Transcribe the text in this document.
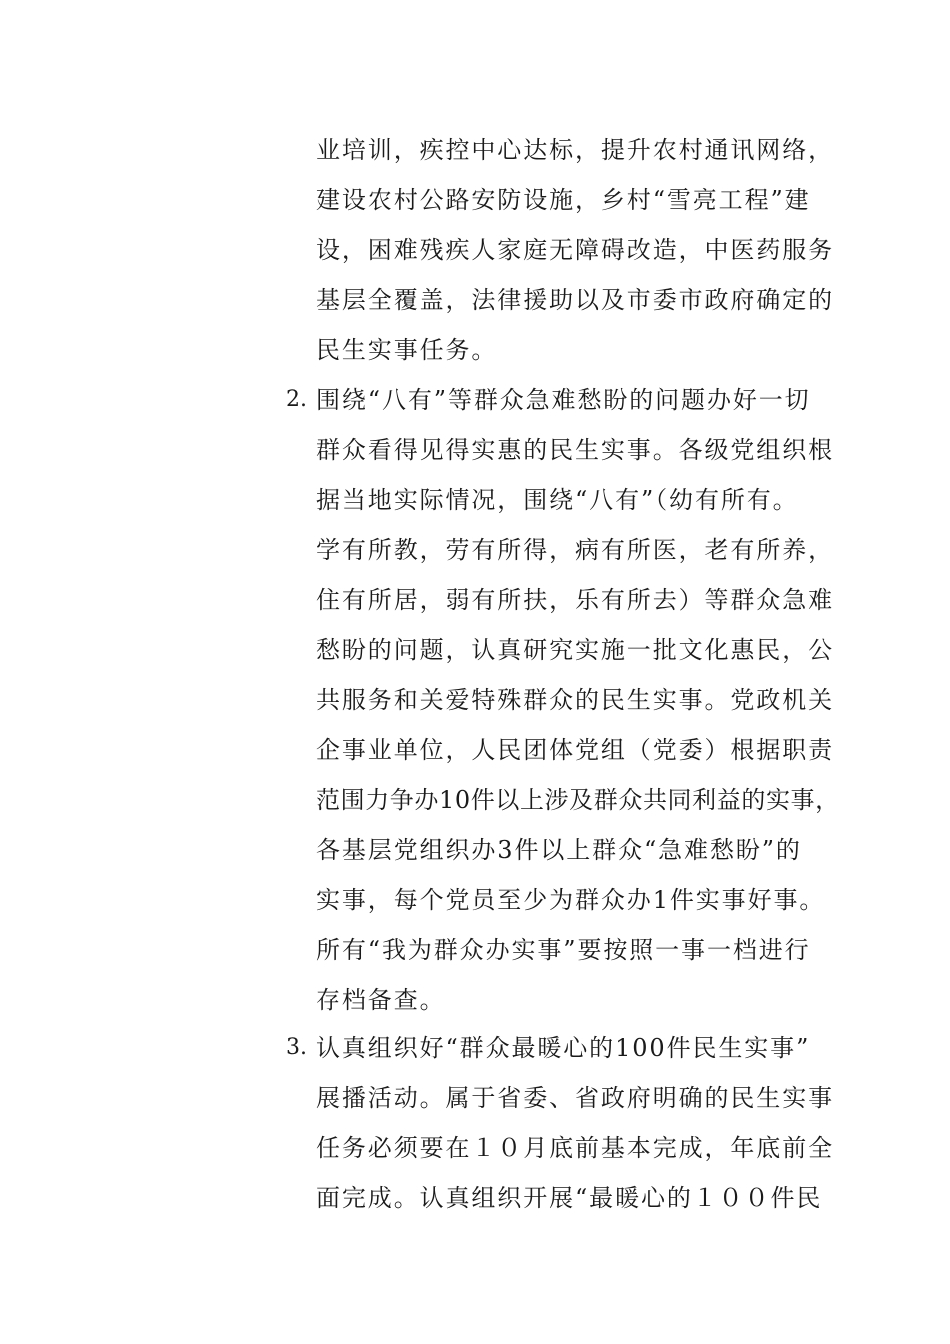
业培训，疾控中心达标，提升农村通讯网络，
建设农村公路安防设施，乡村“雪亮工程”建
设，困难残疾人家庭无障碍改造，中医药服务
基层全覆盖，法律援助以及市委市政府确定的
民生实事任务。
2. 围绕“八有”等群众急难愁盼的问题办好一切
群众看得见得实惠的民生实事。各级党组织根
据当地实际情况，围绕“八有”（幼有所有。
学有所教，劳有所得，病有所医，老有所养，
住有所居，弱有所扶，乐有所去）等群众急难
愁盼的问题，认真研究实施一批文化惠民，公
共服务和关爱特殊群众的民生实事。党政机关
企事业单位，人民团体党组（党委）根据职责
范围力争办10件以上涉及群众共同利益的实事，
各基层党组织办3件以上群众“急难愁盼”的
实事，每个党员至少为群众办1件实事好事。
所有“我为群众办实事”要按照一事一档进行
存档备查。
3. 认真组织好“群众最暖心的100件民生实事”
展播活动。属于省委、省政府明确的民生实事
任务必须要在１０月底前基本完成，年底前全
面完成。认真组织开展“最暖心的１００件民
